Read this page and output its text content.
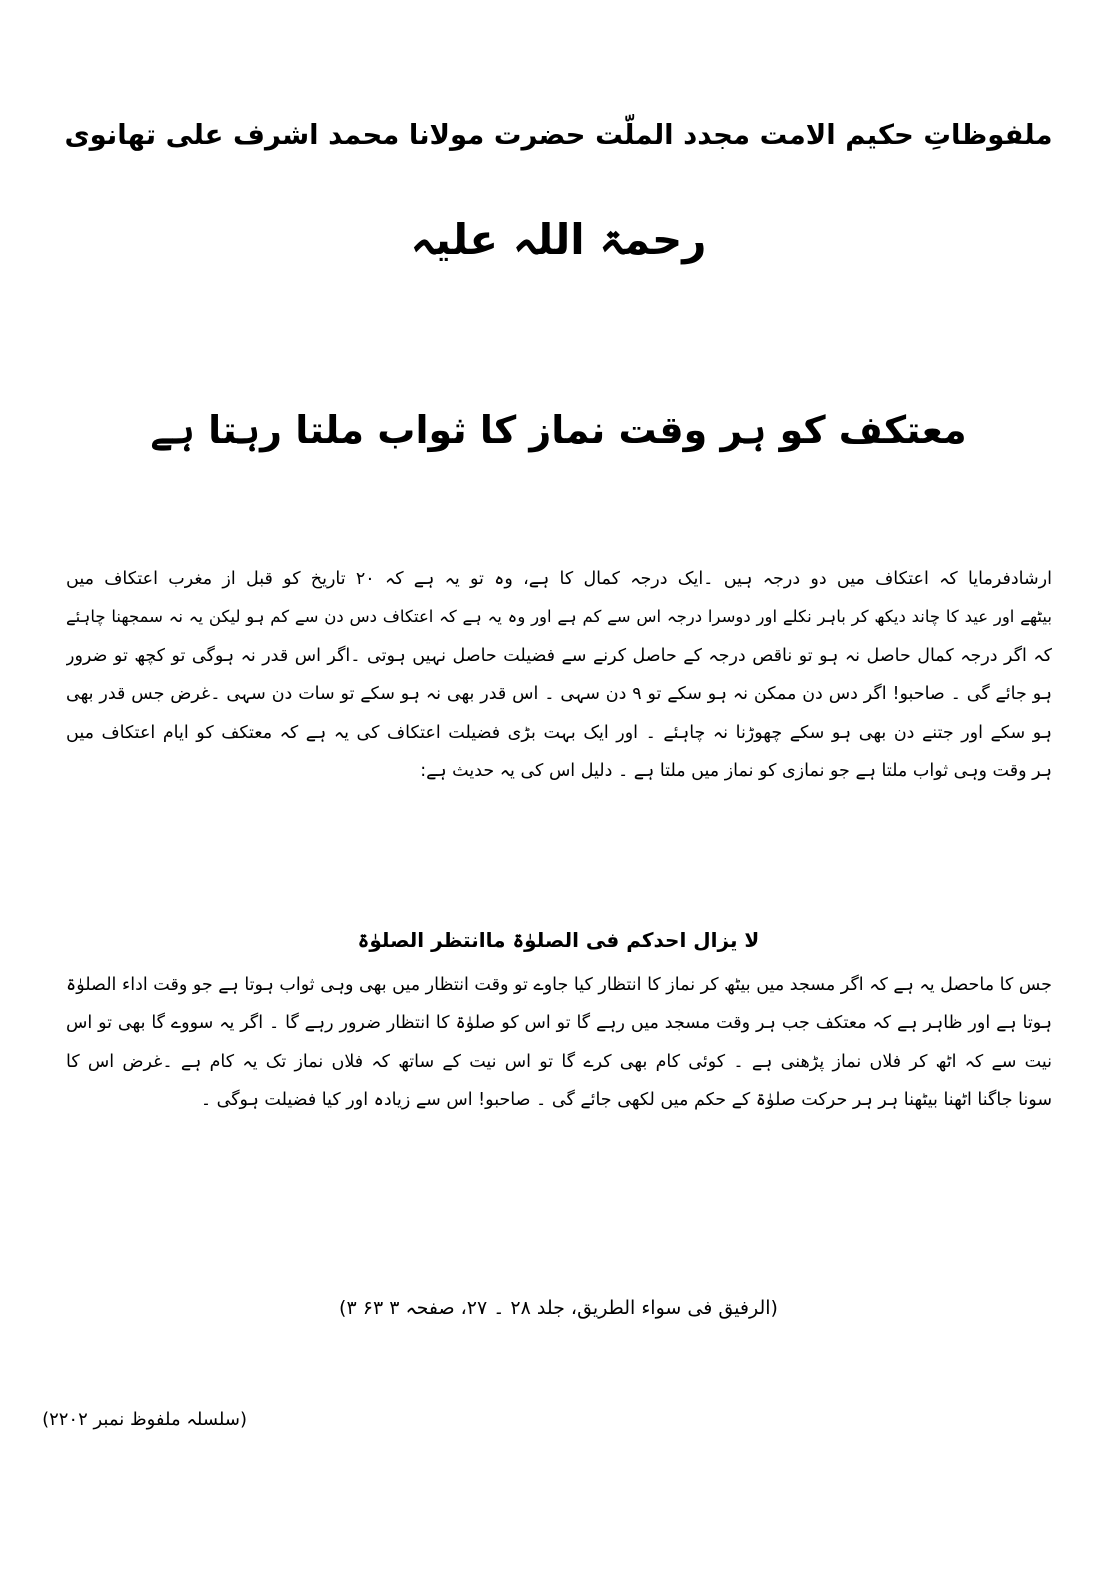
ملفوظاتِ حکیم الامت مجدد الملّت حضرت مولانا محمد اشرف علی تھانوی
رحمۃ اللہ علیہ
معتکف کو ہر وقت نماز کا ثواب ملتا رہتا ہے
ارشادفرمایا کہ اعتکاف میں دو درجہ ہیں ۔ایک درجہ کمال کا ہے، وہ تو یہ ہے کہ ۲۰ تاریخ کو قبل از مغرب اعتکاف میں
بیٹھے اور عید کا چاند دیکھ کر باہر نکلے اور دوسرا درجہ اس سے کم ہے اور وہ یہ ہے کہ اعتکاف دس دن سے کم ہو لیکن یہ نہ سمجھنا چاہئے
کہ اگر درجہ کمال حاصل نہ ہو تو ناقص درجہ کے حاصل کرنے سے فضیلت حاصل نہیں ہوتی ۔اگر اس قدر نہ ہوگی تو کچھ تو ضرور
ہو جائے گی ۔ صاحبو! اگر دس دن ممکن نہ ہو سکے تو ۹ دن سہی ۔ اس قدر بھی نہ ہو سکے تو سات دن سہی ۔غرض جس قدر بھی
ہو سکے اور جتنے دن بھی ہو سکے چھوڑنا نہ چاہئے ۔ اور ایک بہت بڑی فضیلت اعتکاف کی یہ ہے کہ معتکف کو ایام اعتکاف میں
ہر وقت وہی ثواب ملتا ہے جو نمازی کو نماز میں ملتا ہے ۔ دلیل اس کی یہ حدیث ہے:
لا یزال احدکم فی الصلوٰۃ ماانتظر الصلوٰۃ
جس کا ماحصل یہ ہے کہ اگر مسجد میں بیٹھ کر نماز کا انتظار کیا جاوے تو وقت انتظار میں بھی وہی ثواب ہوتا ہے جو وقت اداء الصلوٰۃ
ہوتا ہے اور ظاہر ہے کہ معتکف جب ہر وقت مسجد میں رہے گا تو اس کو صلوٰۃ کا انتظار ضرور رہے گا ۔ اگر یہ سووے گا بھی تو اس
نیت سے کہ اٹھ کر فلاں نماز پڑھنی ہے ۔ کوئی کام بھی کرے گا تو اس نیت کے ساتھ کہ فلاں نماز تک یہ کام ہے ۔غرض اس کا
سونا جاگنا اٹھنا بیٹھنا ہر ہر حرکت صلوٰۃ کے حکم میں لکھی جائے گی ۔ صاحبو! اس سے زیادہ اور کیا فضیلت ہوگی ۔
(الرفیق فی سواء الطریق، جلد ۲۸ ۔ ۲۷، صفحہ ۳ ۶۳ ۳)
(سلسلہ ملفوظ نمبر ۲۲۰۲)
